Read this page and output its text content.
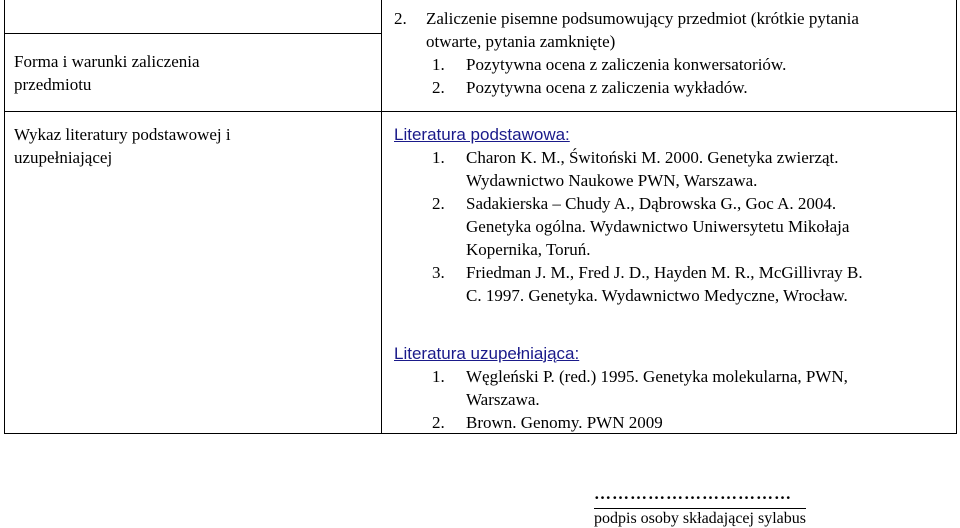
Forma i warunki zaliczenia przedmiotu
Wykaz literatury podstawowej i uzupełniającej
2. Zaliczenie pisemne podsumowujący przedmiot (krótkie pytania
otwarte, pytania zamknięte)
1. Pozytywna ocena z zaliczenia konwersatoriów.
2. Pozytywna ocena z zaliczenia wykładów.
Literatura podstawowa:
1. Charon K. M., Świtoński M. 2000. Genetyka zwierząt.
Wydawnictwo Naukowe PWN, Warszawa.
2. Sadakierska – Chudy A., Dąbrowska G., Goc A. 2004.
Genetyka ogólna. Wydawnictwo Uniwersytetu Mikołaja
Kopernika, Toruń.
3. Friedman J. M., Fred J. D., Hayden M. R., McGillivray B.
C. 1997. Genetyka. Wydawnictwo Medyczne, Wrocław.
Literatura uzupełniająca:
1. Węgleński P. (red.) 1995. Genetyka molekularna, PWN,
Warszawa.
2. Brown. Genomy. PWN 2009
……………………………
podpis osoby składającej sylabus
